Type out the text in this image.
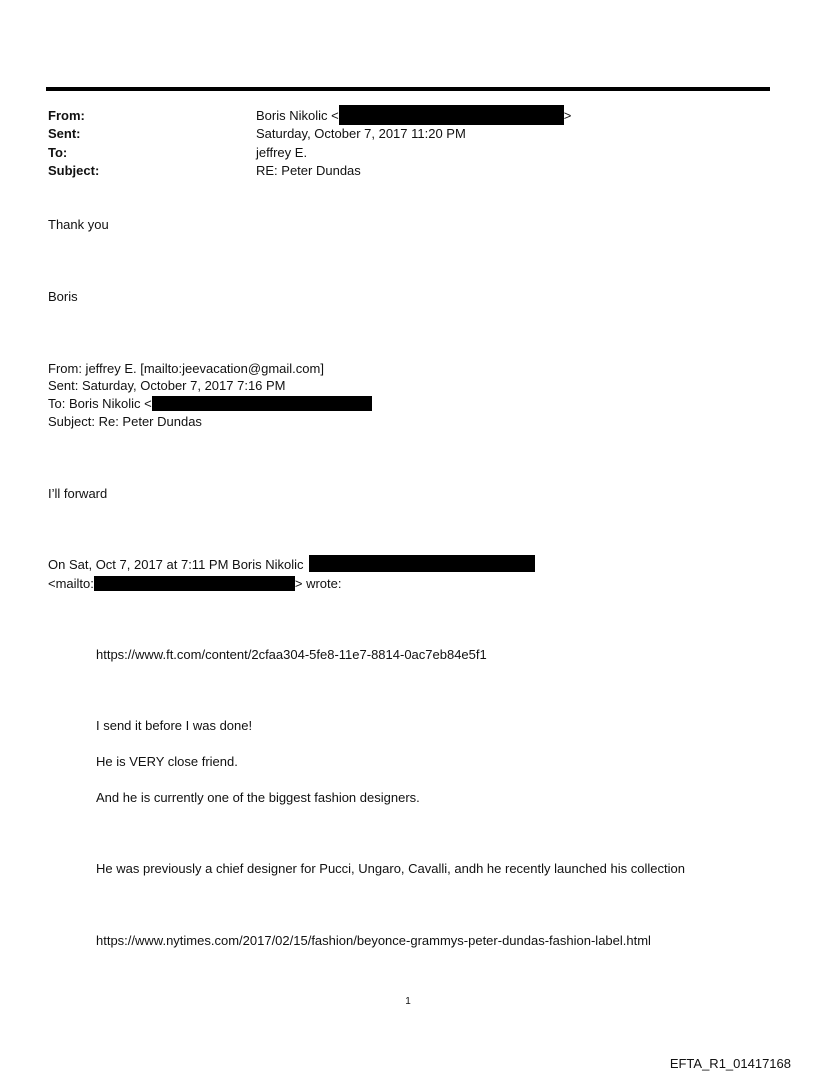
From:	Boris Nikolic <	>
Sent:	Saturday, October 7, 2017 11:20 PM
To:	jeffrey E.
Subject:	RE: Peter Dundas
Thank you
Boris
From: jeffrey E. [mailto:jeevacation@gmail.com]
Sent: Saturday, October 7, 2017 7:16 PM
To: Boris Nikolic <
Subject: Re: Peter Dundas
I’ll forward
On Sat, Oct 7, 2017 at 7:11 PM Boris Nikolic
<mailto:	> wrote:
https://www.ft.com/content/2cfaa304-5fe8-11e7-8814-0ac7eb84e5f1
I send it before I was done!
He is VERY close friend.
And he is currently one of the biggest fashion designers.
He was previously a chief designer for Pucci, Ungaro, Cavalli, andh he recently launched his collection
https://www.nytimes.com/2017/02/15/fashion/beyonce-grammys-peter-dundas-fashion-label.html
1
EFTA_R1_01417168
